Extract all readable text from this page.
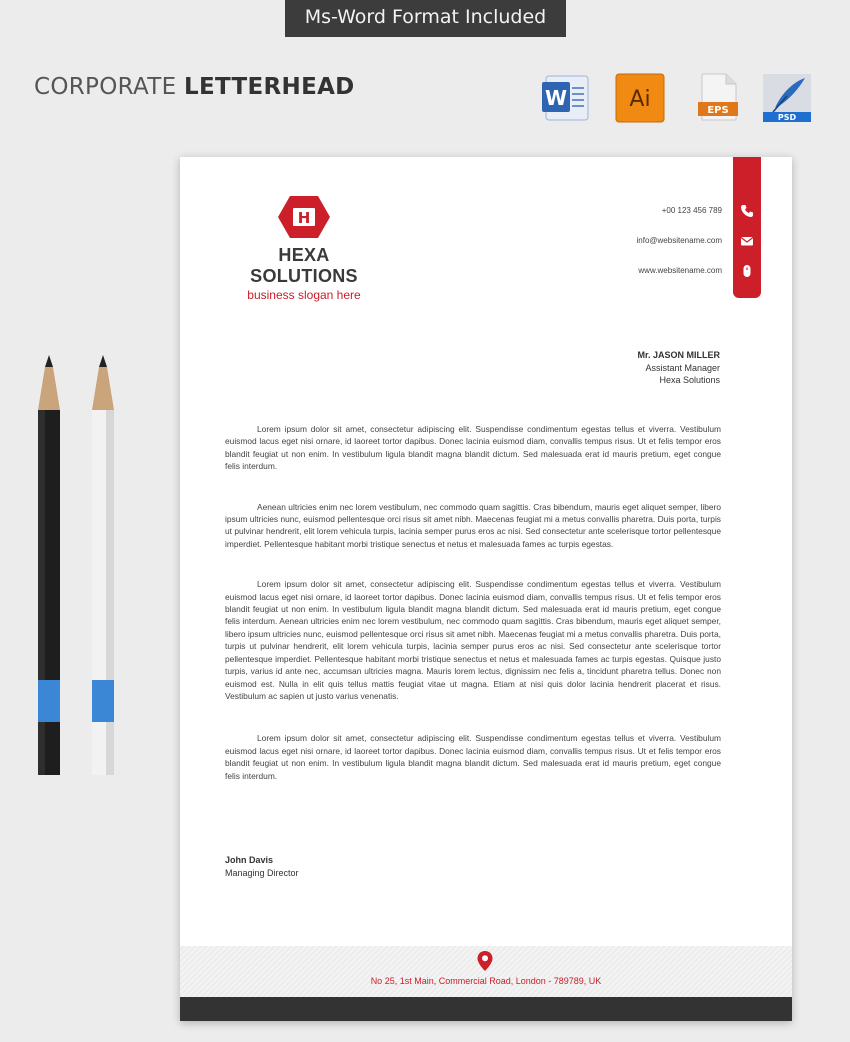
Ms-Word Format Included
CORPORATE LETTERHEAD	W	Ai	EPS
PSD
H
HEXA SOLUTIONS
business slogan here
+00 123 456 789
info@websitename.com
www.websitename.com
Mr. JASON MILLER
Assistant Manager
Hexa Solutions

Lorem ipsum dolor sit amet, consectetur adipiscing elit. Suspendisse condimentum egestas tellus et viverra. Vestibulum euismod lacus eget nisi ornare, id laoreet tortor dapibus. Donec lacinia euismod diam, convallis tempus risus. Ut et felis tempor eros blandit feugiat ut non enim. In vestibulum ligula blandit magna blandit dictum. Sed malesuada erat id mauris pretium, eget congue felis interdum.

Aenean ultricies enim nec lorem vestibulum, nec commodo quam sagittis. Cras bibendum, mauris eget aliquet semper, libero ipsum ultricies nunc, euismod pellentesque orci risus sit amet nibh. Maecenas feugiat mi a metus convallis pharetra. Duis porta, turpis ut pulvinar hendrerit, elit lorem vehicula turpis, lacinia semper purus eros ac nisi. Sed consectetur ante scelerisque tortor pellentesque imperdiet. Pellentesque habitant morbi tristique senectus et netus et malesuada fames ac turpis egestas.

Lorem ipsum dolor sit amet, consectetur adipiscing elit. Suspendisse condimentum egestas tellus et viverra. Vestibulum euismod lacus eget nisi ornare, id laoreet tortor dapibus. Donec lacinia euismod diam, convallis tempus risus. Ut et felis tempor eros blandit feugiat ut non enim. In vestibulum ligula blandit magna blandit dictum. Sed malesuada erat id mauris pretium, eget congue felis interdum. Aenean ultricies enim nec lorem vestibulum, nec commodo quam sagittis. Cras bibendum, mauris eget aliquet semper, libero ipsum ultricies nunc, euismod pellentesque orci risus sit amet nibh. Maecenas feugiat mi a metus convallis pharetra. Duis porta, turpis ut pulvinar hendrerit, elit lorem vehicula turpis, lacinia semper purus eros ac nisi. Sed consectetur ante scelerisque tortor pellentesque imperdiet. Pellentesque habitant morbi tristique senectus et netus et malesuada fames ac turpis egestas. Quisque justo turpis, varius id ante nec, accumsan ultricies magna. Mauris lorem lectus, dignissim nec felis a, tincidunt pharetra tellus. Donec non euismod est. Nulla in elit quis tellus mattis feugiat vitae ut magna. Etiam at nisi quis dolor lacinia hendrerit placerat et risus. Vestibulum ac sapien ut justo varius venenatis.

Lorem ipsum dolor sit amet, consectetur adipiscing elit. Suspendisse condimentum egestas tellus et viverra. Vestibulum euismod lacus eget nisi ornare, id laoreet tortor dapibus. Donec lacinia euismod diam, convallis tempus risus. Ut et felis tempor eros blandit feugiat ut non enim. In vestibulum ligula blandit magna blandit dictum. Sed malesuada erat id mauris pretium, eget congue felis interdum.

John Davis
Managing Director
No 25, 1st Main, Commercial Road, London - 789789, UK
